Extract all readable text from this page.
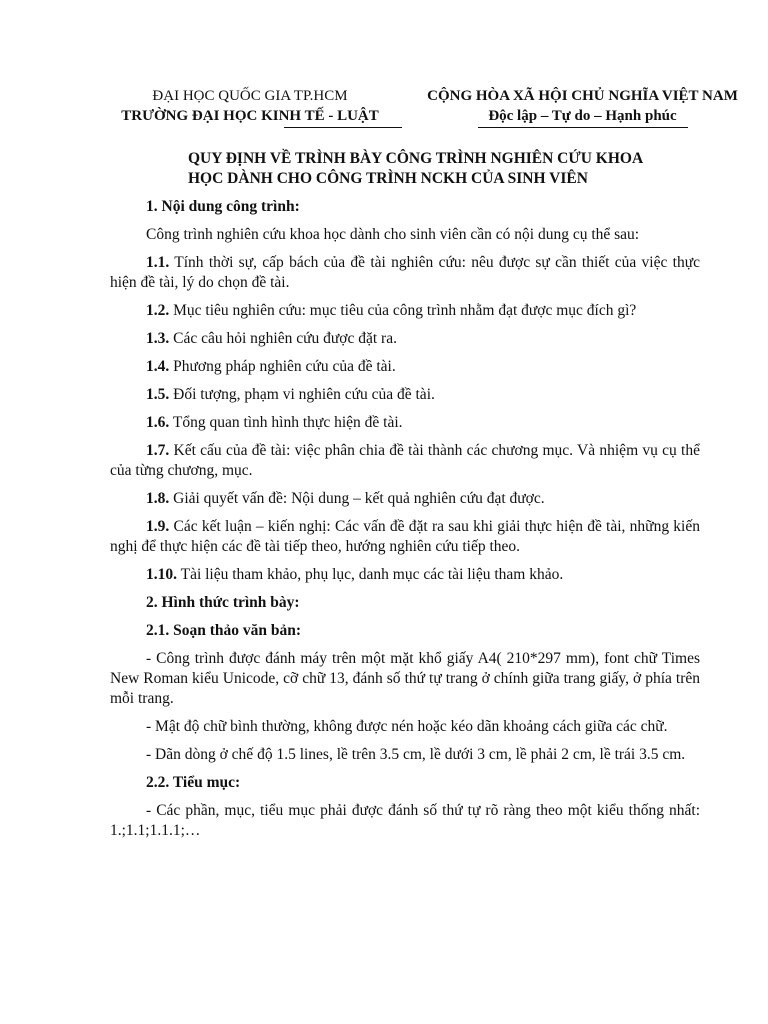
ĐẠI HỌC QUỐC GIA TP.HCM
TRƯỜNG ĐẠI HỌC KINH TẾ - LUẬT
CỘNG HÒA XÃ HỘI CHỦ NGHĨA VIỆT NAM
Độc lập – Tự do – Hạnh phúc
QUY ĐỊNH VỀ TRÌNH BÀY CÔNG TRÌNH NGHIÊN CỨU KHOA
HỌC DÀNH CHO CÔNG TRÌNH NCKH CỦA SINH VIÊN

1. Nội dung công trình:

Công trình nghiên cứu khoa học dành cho sinh viên cần có nội dung cụ thể sau:

1.1. Tính thời sự, cấp bách của đề tài nghiên cứu: nêu được sự cần thiết của việc thực hiện đề tài, lý do chọn đề tài.

1.2. Mục tiêu nghiên cứu: mục tiêu của công trình nhằm đạt được mục đích gì?

1.3. Các câu hỏi nghiên cứu được đặt ra.

1.4. Phương pháp nghiên cứu của đề tài.

1.5. Đối tượng, phạm vi nghiên cứu của đề tài.

1.6. Tổng quan tình hình thực hiện đề tài.

1.7. Kết cấu của đề tài: việc phân chia đề tài thành các chương mục. Và nhiệm vụ cụ thể của từng chương, mục.

1.8. Giải quyết vấn đề: Nội dung – kết quả nghiên cứu đạt được.

1.9. Các kết luận – kiến nghị: Các vấn đề đặt ra sau khi giải thực hiện đề tài, những kiến nghị để thực hiện các đề tài tiếp theo, hướng nghiên cứu tiếp theo.

1.10. Tài liệu tham khảo, phụ lục, danh mục các tài liệu tham khảo.

2. Hình thức trình bày:

2.1. Soạn thảo văn bản:

- Công trình được đánh máy trên một mặt khổ giấy A4( 210*297 mm), font chữ Times New Roman kiểu Unicode, cỡ chữ 13, đánh số thứ tự trang ở chính giữa trang giấy, ở phía trên mỗi trang.

- Mật độ chữ bình thường, không được nén hoặc kéo dãn khoảng cách giữa các chữ.

- Dãn dòng ở chế độ 1.5 lines, lề trên 3.5 cm, lề dưới 3 cm, lề phải 2 cm, lề trái 3.5 cm.

2.2. Tiểu mục:

- Các phần, mục, tiểu mục phải được đánh số thứ tự rõ ràng theo một kiểu thống nhất: 1.;1.1;1.1.1;…
